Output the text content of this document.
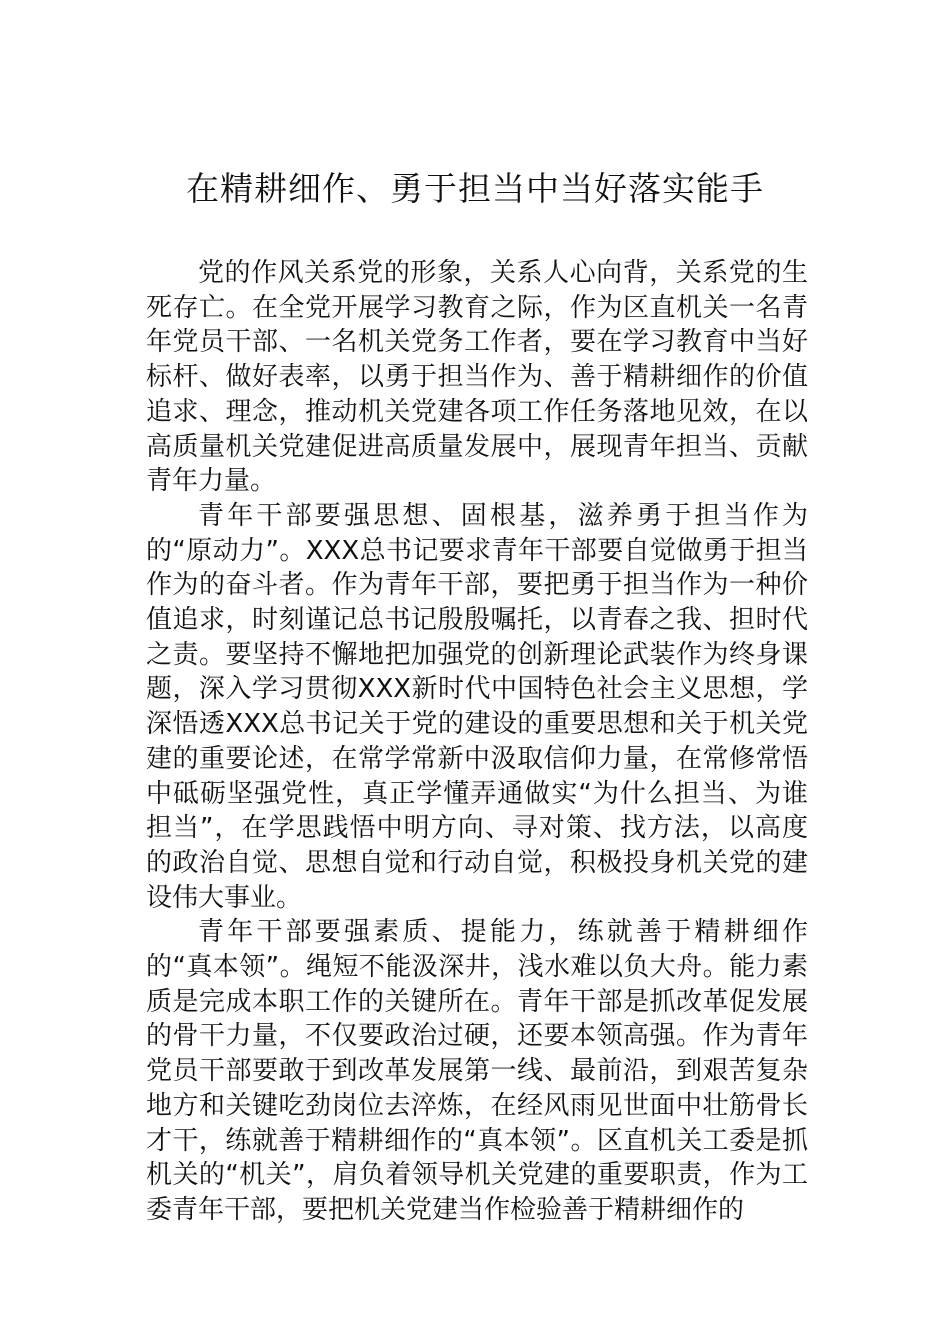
在精耕细作、勇于担当中当好落实能手

党的作风关系党的形象，关系人心向背，关系党的生死存亡。在全党开展学习教育之际，作为区直机关一名青年党员干部、一名机关党务工作者，要在学习教育中当好标杆、做好表率，以勇于担当作为、善于精耕细作的价值追求、理念，推动机关党建各项工作任务落地见效，在以高质量机关党建促进高质量发展中，展现青年担当、贡献青年力量。

青年干部要强思想、固根基，滋养勇于担当作为的“原动力”。XXX总书记要求青年干部要自觉做勇于担当作为的奋斗者。作为青年干部，要把勇于担当作为一种价值追求，时刻谨记总书记殷殷嘱托，以青春之我、担时代之责。要坚持不懈地把加强党的创新理论武装作为终身课题，深入学习贯彻XXX新时代中国特色社会主义思想，学深悟透XXX总书记关于党的建设的重要思想和关于机关党建的重要论述，在常学常新中汲取信仰力量，在常修常悟中砥砺坚强党性，真正学懂弄通做实“为什么担当、为谁担当”，在学思践悟中明方向、寻对策、找方法，以高度的政治自觉、思想自觉和行动自觉，积极投身机关党的建设伟大事业。

青年干部要强素质、提能力，练就善于精耕细作的“真本领”。绳短不能汲深井，浅水难以负大舟。能力素质是完成本职工作的关键所在。青年干部是抓改革促发展的骨干力量，不仅要政治过硬，还要本领高强。作为青年党员干部要敢于到改革发展第一线、最前沿，到艰苦复杂地方和关键吃劲岗位去淬炼，在经风雨见世面中壮筋骨长才干，练就善于精耕细作的“真本领”。区直机关工委是抓机关的“机关”，肩负着领导机关党建的重要职责，作为工委青年干部，要把机关党建当作检验善于精耕细作的
